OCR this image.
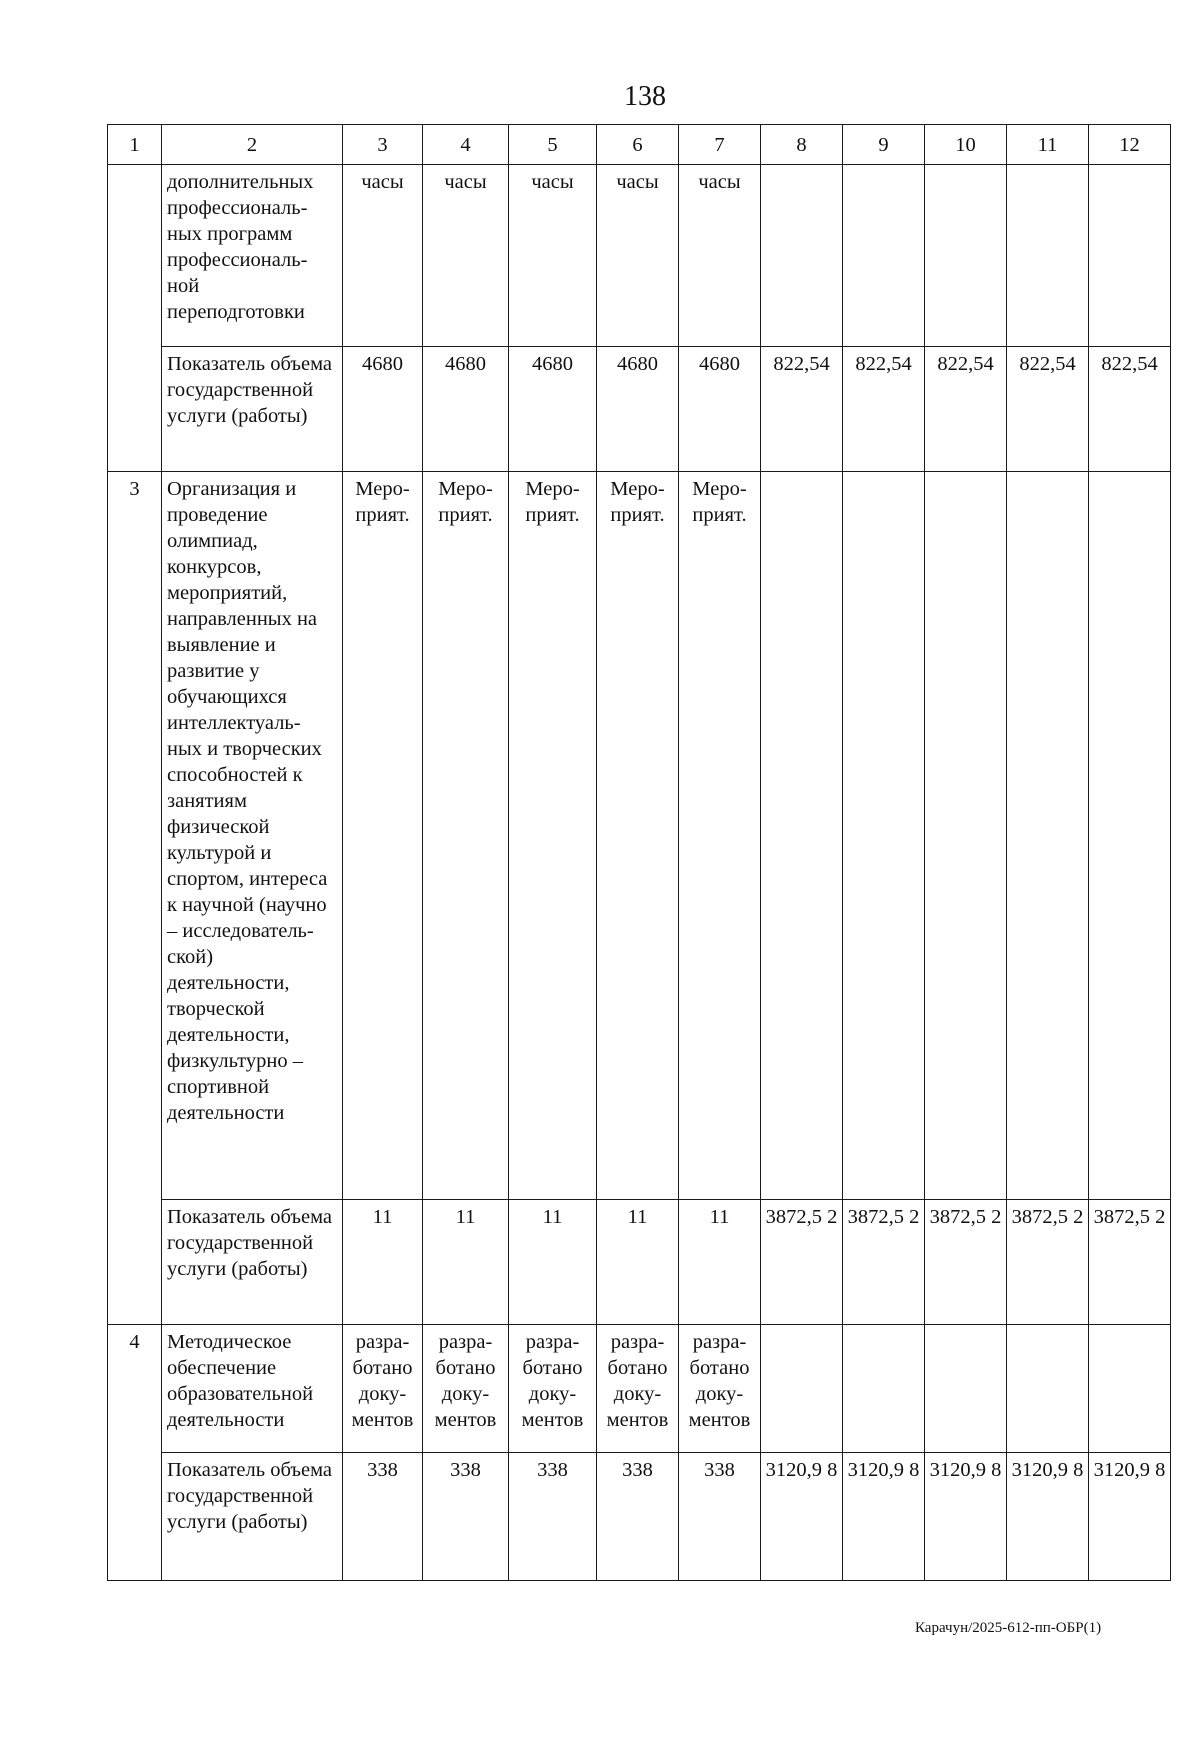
138
1	2	3	4	5	6	7	8	9	10	11	12
	дополнительных профессиональ- ных программ профессиональ- ной переподготовки	часы	часы	часы	часы	часы					
	Показатель объема государственной услуги (работы)	4680	4680	4680	4680	4680	822,54	822,54	822,54	822,54	822,54
3	Организация и проведение олимпиад, конкурсов, мероприятий, направленных на выявление и развитие у обучающихся интеллектуаль- ных и творческих способностей к занятиям физической культурой и спортом, интереса к научной (научно – исследователь- ской) деятельности, творческой деятельности, физкультурно – спортивной деятельности	Меро- прият.	Меро- прият.	Меро- прият.	Меро- прият.	Меро- прият.					
	Показатель объема государственной услуги (работы)	11	11	11	11	11	3872,5 2	3872,5 2	3872,5 2	3872,5 2	3872,5 2
4	Методическое обеспечение образовательной деятельности	разра- ботано доку- ментов	разра- ботано доку- ментов	разра- ботано доку- ментов	разра- ботано доку- ментов	разра- ботано доку- ментов					
	Показатель объема государственной услуги (работы)	338	338	338	338	338	3120,9 8	3120,9 8	3120,9 8	3120,9 8	3120,9 8
Карачун/2025-612-пп-ОБР(1)
